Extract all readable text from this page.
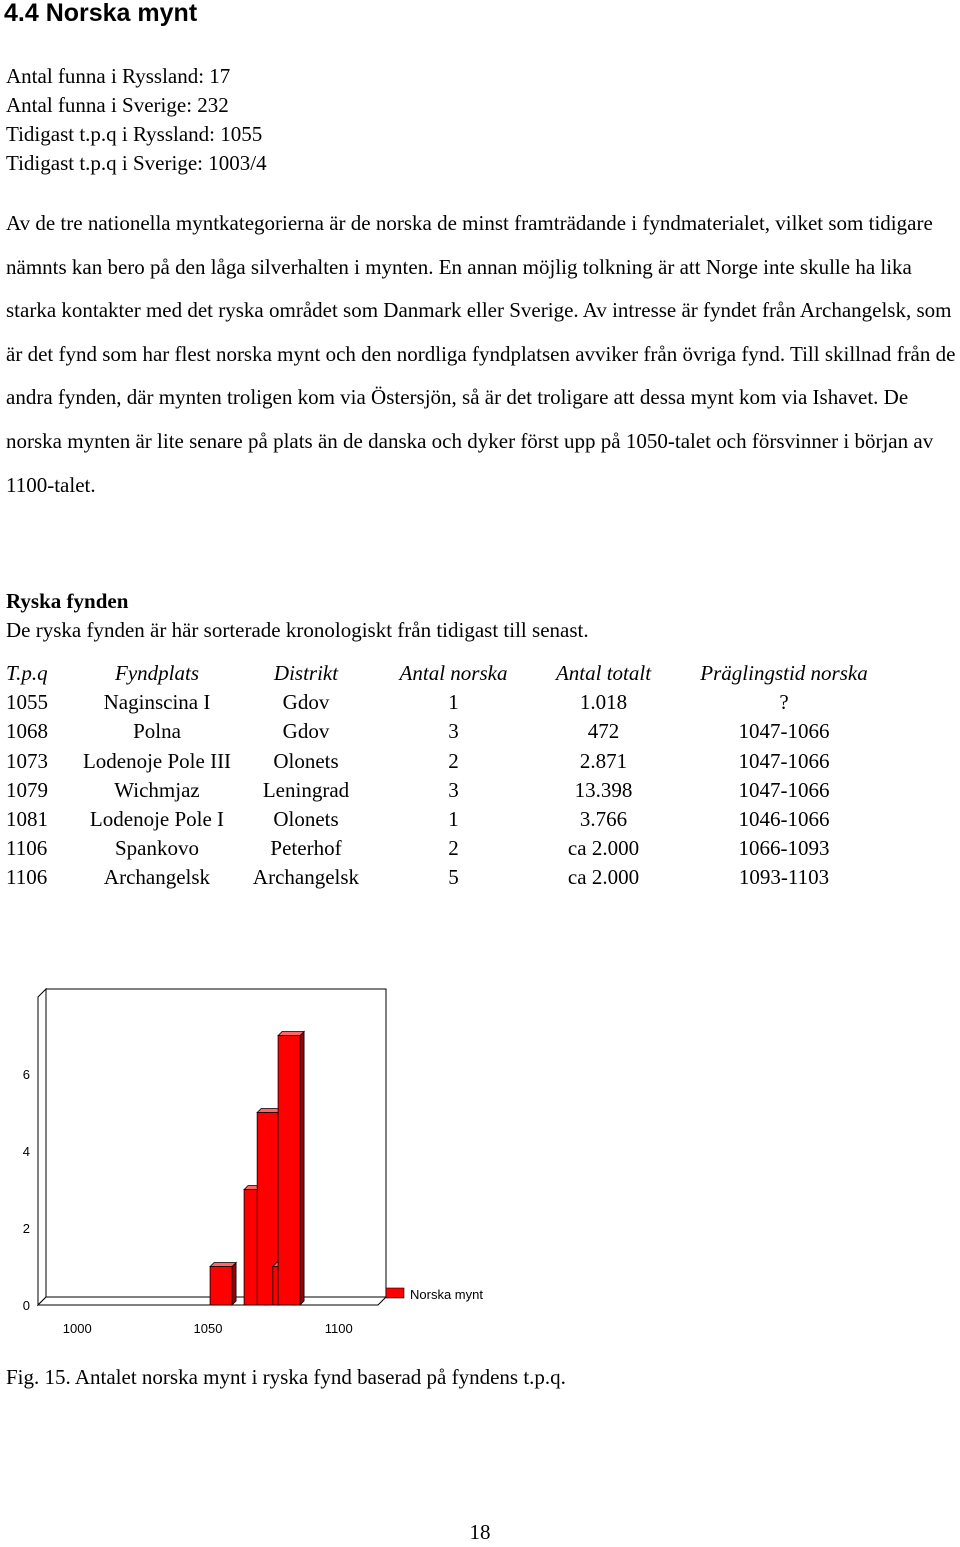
4.4 Norska mynt
Antal funna i Ryssland: 17
Antal funna i Sverige: 232
Tidigast t.p.q i Ryssland: 1055
Tidigast t.p.q i Sverige: 1003/4

Av de tre nationella myntkategorierna är de norska de minst framträdande i fyndmaterialet, vilket som tidigare nämnts kan bero på den låga silverhalten i mynten. En annan möjlig tolkning är att Norge inte skulle ha lika starka kontakter med det ryska området som Danmark eller Sverige. Av intresse är fyndet från Archangelsk, som är det fynd som har flest norska mynt och den nordliga fyndplatsen avviker från övriga fynd. Till skillnad från de andra fynden, där mynten troligen kom via Östersjön, så är det troligare att dessa mynt kom via Ishavet. De norska mynten är lite senare på plats än de danska och dyker först upp på 1050-talet och försvinner i början av 1100-talet.

Ryska fynden
De ryska fynden är här sorterade kronologiskt från tidigast till senast.
T.p.q	Fyndplats	Distrikt	Antal norska	Antal totalt	Präglingstid norska
1055	Naginscina I	Gdov	1	1.018	?
1068	Polna	Gdov	3	472	1047-1066
1073	Lodenoje Pole III	Olonets	2	2.871	1047-1066
1079	Wichmjaz	Leningrad	3	13.398	1047-1066
1081	Lodenoje Pole I	Olonets	1	3.766	1046-1066
1106	Spankovo	Peterhof	2	ca 2.000	1066-1093
1106	Archangelsk	Archangelsk	5	ca 2.000	1093-1103
0
2
4
6
1000	1050	1100
Norska mynt
Fig. 15. Antalet norska mynt i ryska fynd baserad på fyndens t.p.q.
18
